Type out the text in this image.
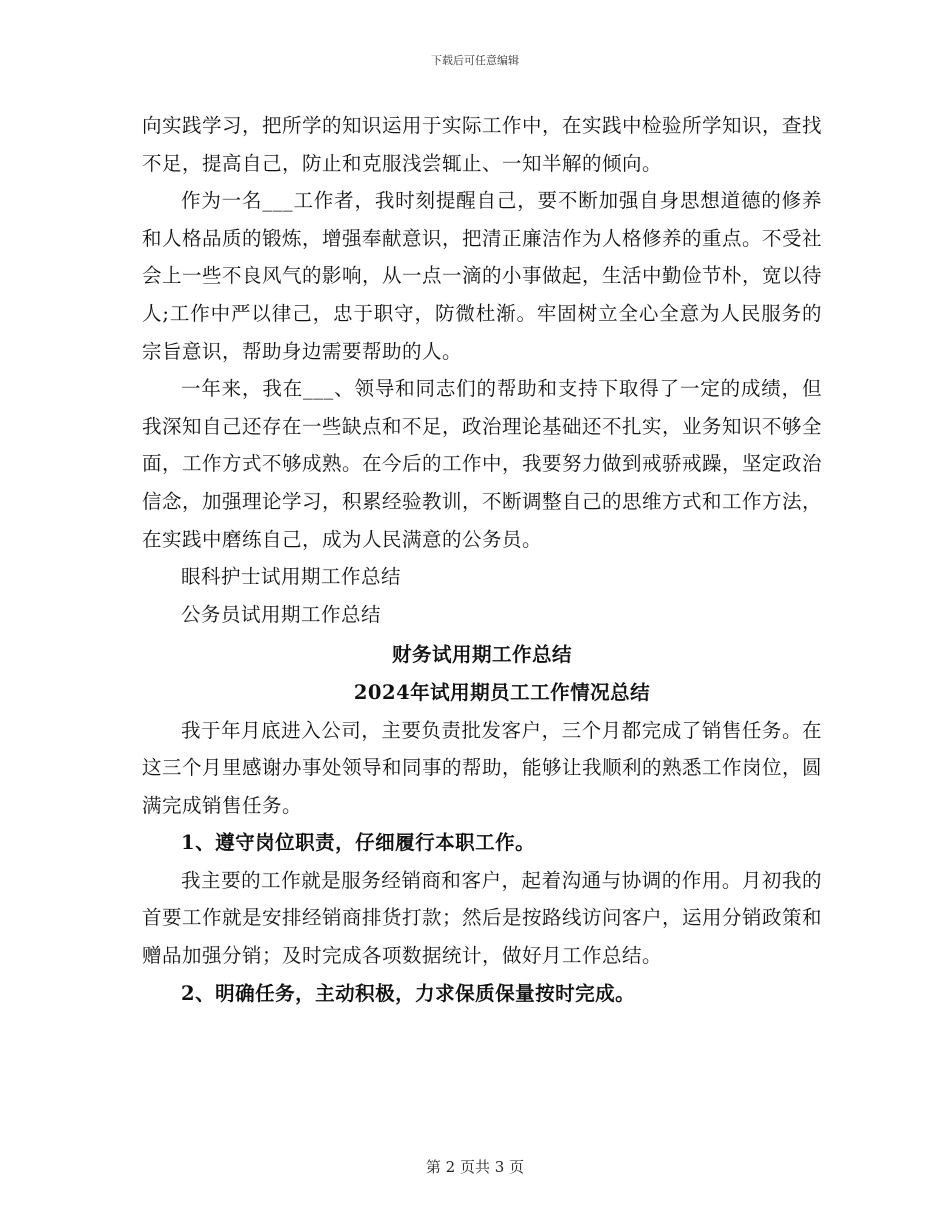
下载后可任意编辑

向实践学习，把所学的知识运用于实际工作中，在实践中检验所学知识，查找不足，提高自己，防止和克服浅尝辄止、一知半解的倾向。

作为一名___工作者，我时刻提醒自己，要不断加强自身思想道德的修养和人格品质的锻炼，增强奉献意识，把清正廉洁作为人格修养的重点。不受社会上一些不良风气的影响，从一点一滴的小事做起，生活中勤俭节朴，宽以待人;工作中严以律己，忠于职守，防微杜渐。牢固树立全心全意为人民服务的宗旨意识，帮助身边需要帮助的人。

一年来，我在___、领导和同志们的帮助和支持下取得了一定的成绩，但我深知自己还存在一些缺点和不足，政治理论基础还不扎实，业务知识不够全面，工作方式不够成熟。在今后的工作中，我要努力做到戒骄戒躁，坚定政治信念，加强理论学习，积累经验教训，不断调整自己的思维方式和工作方法，在实践中磨练自己，成为人民满意的公务员。

眼科护士试用期工作总结

公务员试用期工作总结

财务试用期工作总结

2024年试用期员工工作情况总结

我于年月底进入公司，主要负责批发客户，三个月都完成了销售任务。在这三个月里感谢办事处领导和同事的帮助，能够让我顺利的熟悉工作岗位，圆满完成销售任务。

1、遵守岗位职责，仔细履行本职工作。

我主要的工作就是服务经销商和客户，起着沟通与协调的作用。月初我的首要工作就是安排经销商排货打款；然后是按路线访问客户，运用分销政策和赠品加强分销；及时完成各项数据统计，做好月工作总结。

2、明确任务，主动积极，力求保质保量按时完成。

第 2 页共 3 页
